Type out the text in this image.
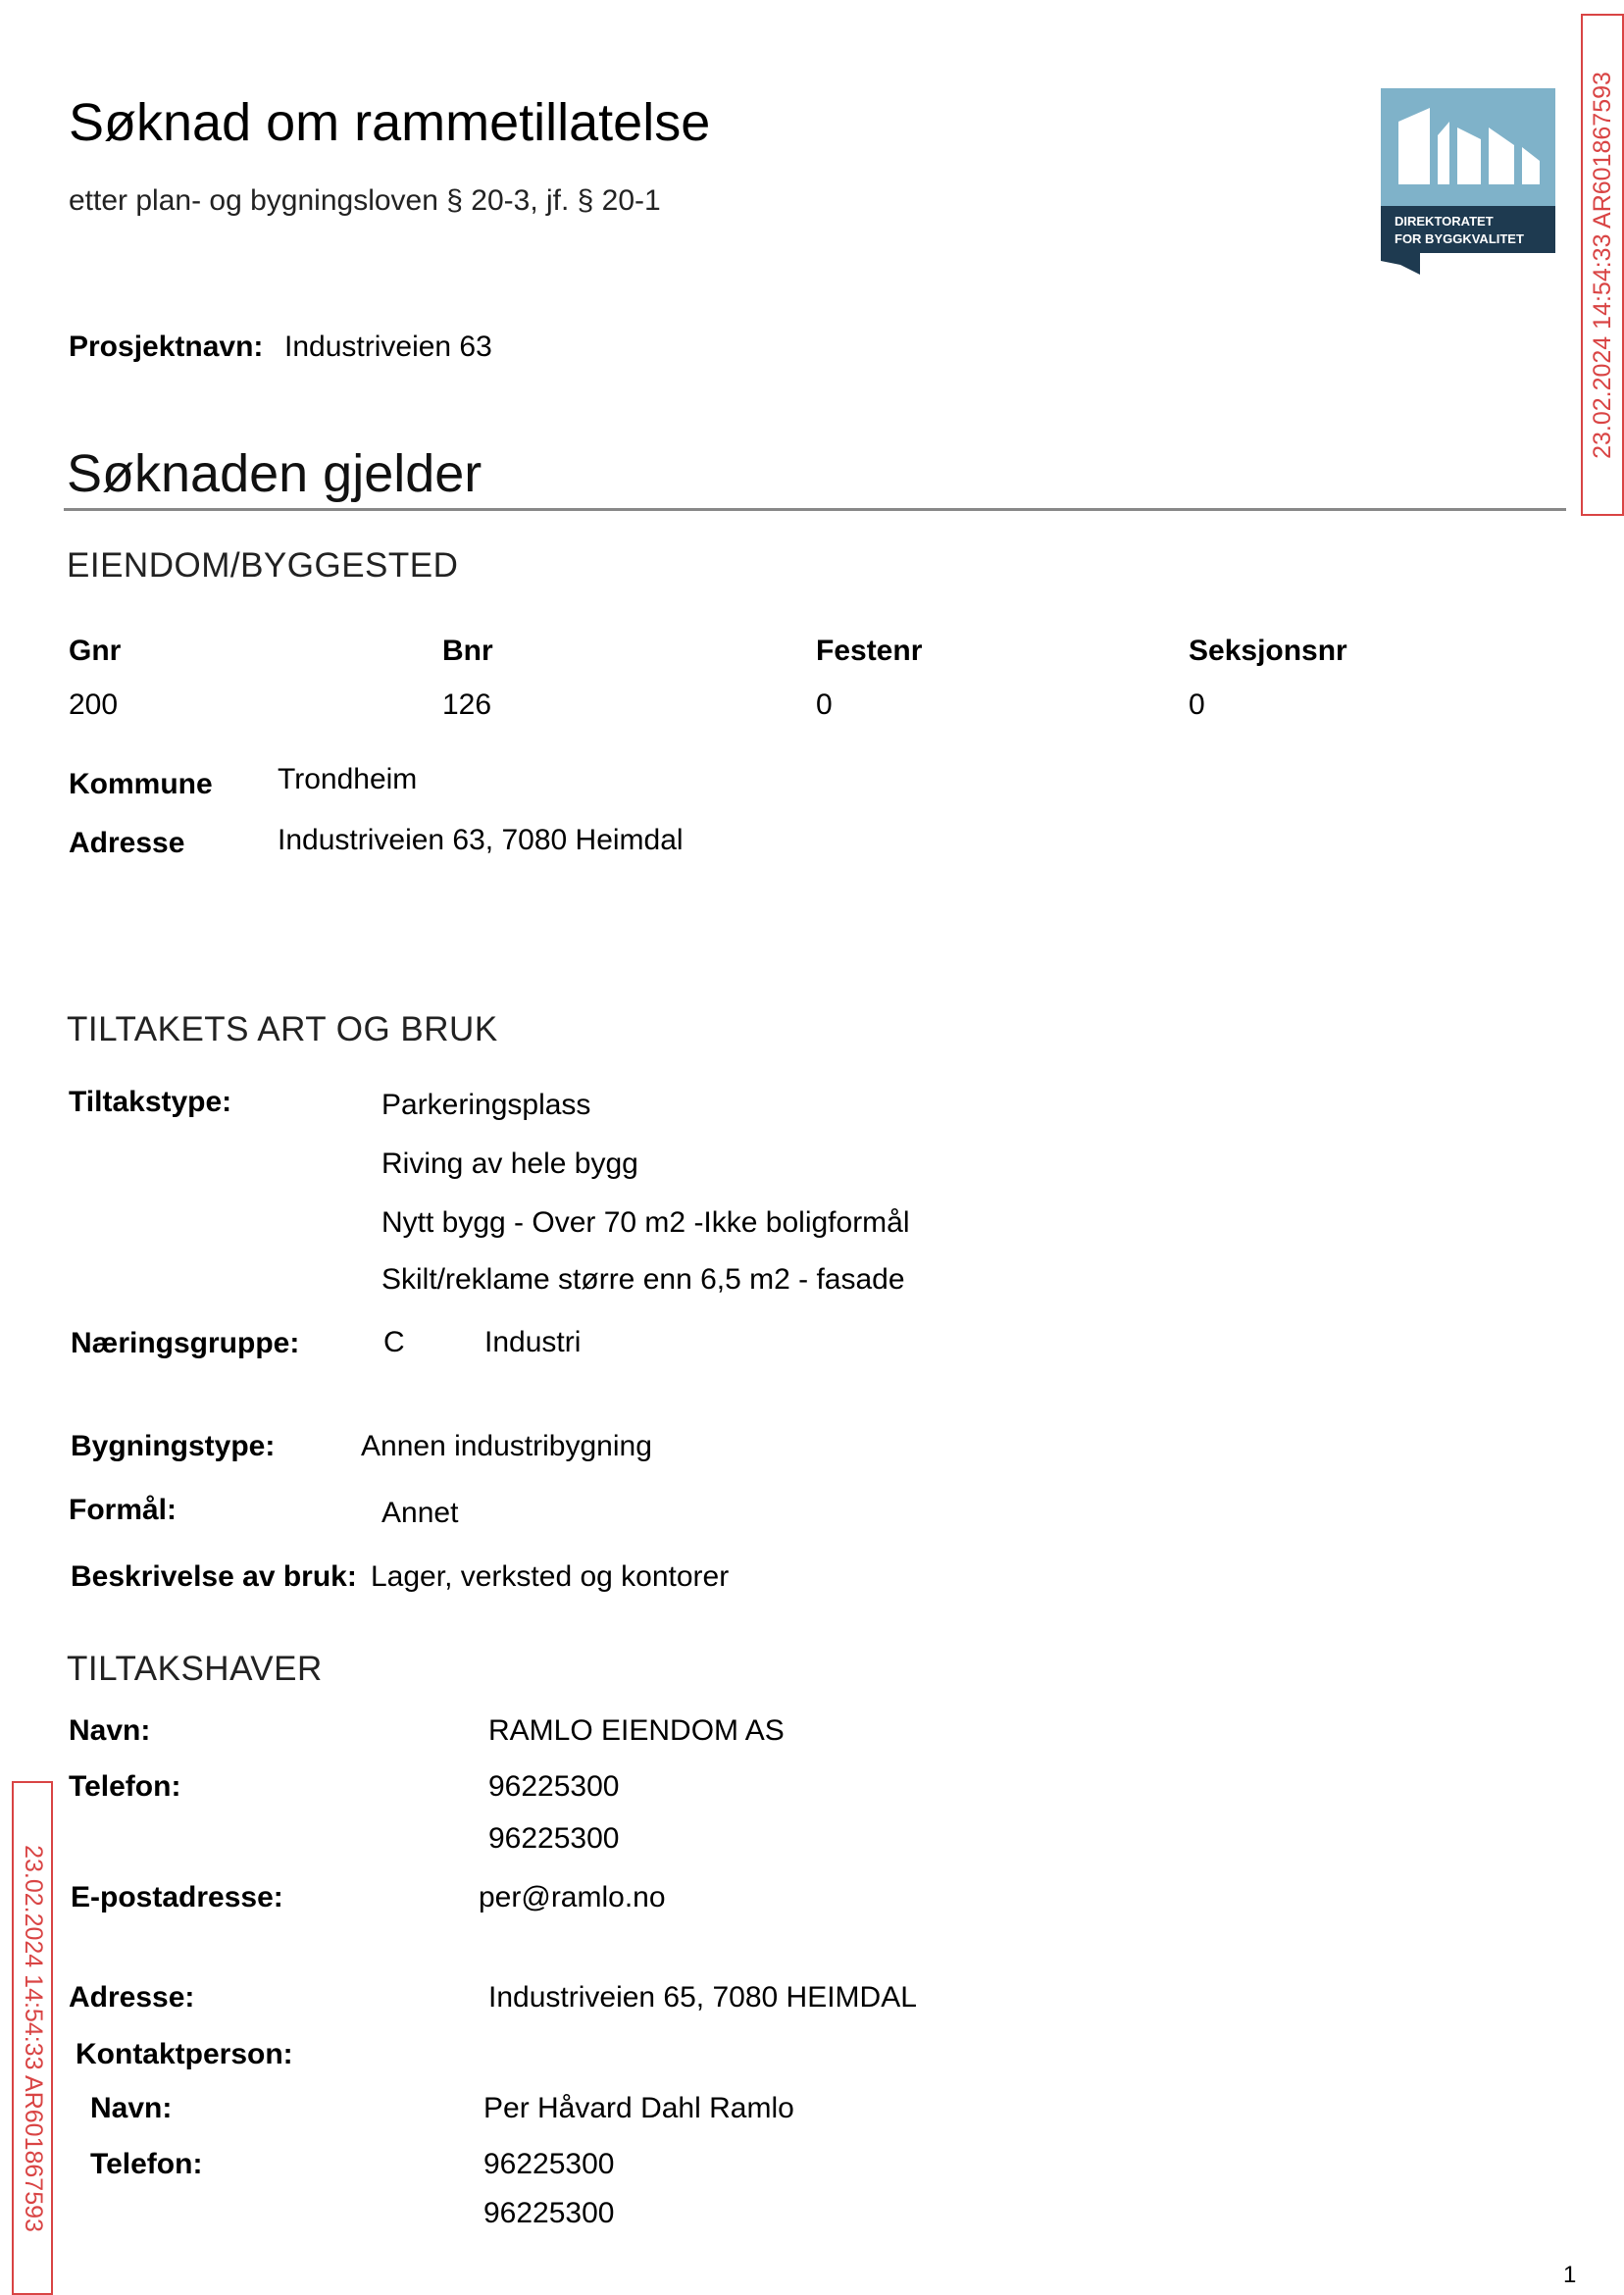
Søknad om rammetillatelse
etter plan- og bygningsloven § 20-3, jf. § 20-1
DIREKTORATET
FOR BYGGKVALITET	23.02.2024 14:54:33 AR601867593
23.02.2024 14:54:33 AR601867593
Prosjektnavn: Industriveien 63
Søknaden gjelder
EIENDOM/BYGGESTED
Gnr	Bnr	Festenr	Seksjonsnr
200	126	0	0
Kommune Trondheim
Adresse	Industriveien 63, 7080 Heimdal
TILTAKETS ART OG BRUK
Tiltakstype:	Parkeringsplass
Riving av hele bygg
Nytt bygg - Over 70 m2 -Ikke boligformål
Skilt/reklame større enn 6,5 m2 - fasade
Næringsgruppe:	C	Industri
Bygningstype:	Annen industribygning
Formål:	Annet
Beskrivelse av bruk: Lager, verksted og kontorer
TILTAKSHAVER
Navn:	RAMLO EIENDOM AS
Telefon:	96225300
96225300
E-postadresse:	per@ramlo.no
Adresse:	Industriveien 65, 7080 HEIMDAL
Kontaktperson:
Navn:	Per Håvard Dahl Ramlo
Telefon:	96225300
96225300
1
